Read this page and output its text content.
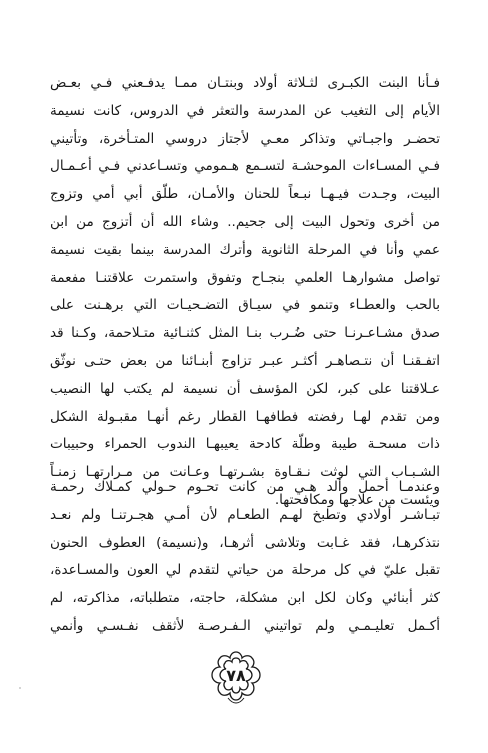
فـأنا البنت الكبـرى لثـلاثة أولاد وبنتـان ممـا يدفـعني فـي بعـض
الأيام إلى التغيب عن المدرسة والتعثر في الدروس، كانت نسيمة
تحضـر واجبـاتي وتذاكر معـي لأجتاز دروسي المتـأخرة، وتأتيني
فـي المسـاءات الموحشـة لتسـمع هـمومي وتسـاعدني فـي أعـمـال
البيت، وجـدت فيـهـا نبـعاً للحنان والأمـان، طلّق أبي أمي وتزوج
من أخرى وتحول البيت إلى جحيم.. وشاء الله أن أتزوج من ابن
عمي وأنا في المرحلة الثانوية وأترك المدرسة بينما بقيت نسيمة
تواصل مشوارهـا العلمي بنجـاح وتفوق واستمرت علاقتنـا مفعمة
بالحب والعطـاء وتنمو في سيـاق التضـحيـات التي برهـنت على
صدق مشـاعـرنـا حتى ضُـرب بنـا المثل كثنـائية متـلاحمة، وكـنا قد
اتفـقنـا أن نتـصاهـر أكثـر عبـر تزاوج أبنـائنا من بعض حتـى نوثّق
عـلاقتنا على كبر، لكن المؤسف أن نسيمة لم يكتب لها النصيب
ومن تقدم لهـا رفضته فطافهـا القطار رغم أنهـا مقبـولة الشكل
ذات مسحـة طيبة وطلّة كادحة يعيبهـا الندوب الحمراء وحبيبات
الشـبـاب التي لوثت نـقـاوة بشـرتهـا وعـانت من مـرارتهـا زمنـاً
ويئست من علاجها ومكافحتها.
وعندمـا أحمل وألد هـي من كانت تحـوم حـولي كمـلاك رحمـة
تبـاشـر أولادي وتطبخ لهـم الطعـام لأن أمـي هجـرتنـا ولم نعـد
نتذكرهـا، فقد غـابت وتلاشى أثرهـا، و(نسيمة) العطوف الحنون
تقبل عليّ في كل مرحلة من حياتي لتقدم لي العون والمسـاعدة،
كثر أبنائي وكان لكل ابن مشكلة، حاجته، متطلباته، مذاكرته، لم
أكـمل تعليـمـي ولم تواتيني الـفـرصـة لأثقف نفـسـي وأنمي
٧٨
